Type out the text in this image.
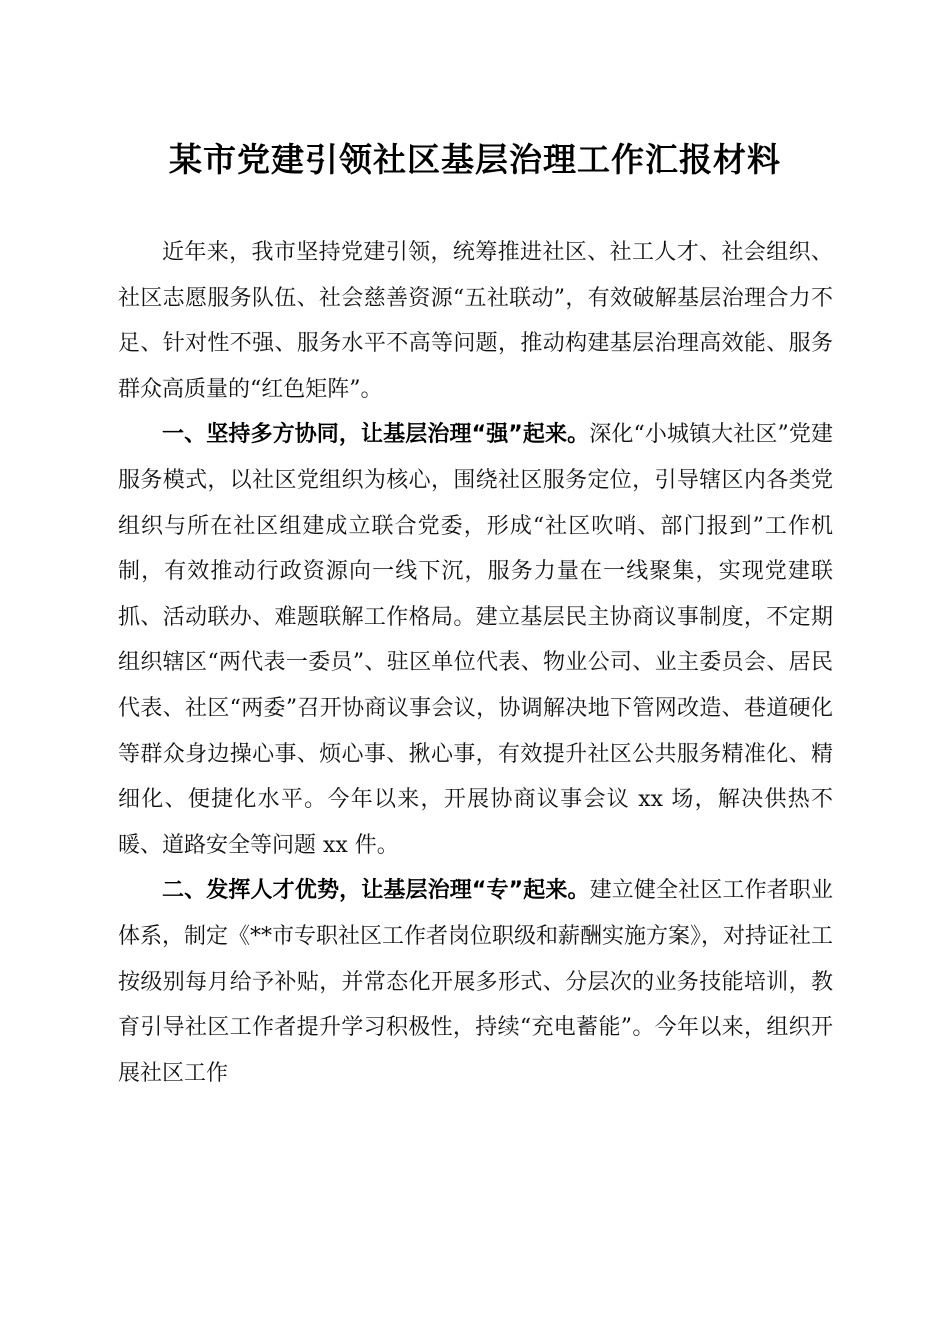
某市党建引领社区基层治理工作汇报材料

近年来，我市坚持党建引领，统筹推进社区、社工人才、社会组织、社区志愿服务队伍、社会慈善资源“五社联动”，有效破解基层治理合力不足、针对性不强、服务水平不高等问题，推动构建基层治理高效能、服务群众高质量的“红色矩阵”。

一、坚持多方协同，让基层治理“强”起来。深化“小城镇大社区”党建服务模式，以社区党组织为核心，围绕社区服务定位，引导辖区内各类党组织与所在社区组建成立联合党委，形成“社区吹哨、部门报到”工作机制，有效推动行政资源向一线下沉，服务力量在一线聚集，实现党建联抓、活动联办、难题联解工作格局。建立基层民主协商议事制度，不定期组织辖区“两代表一委员”、驻区单位代表、物业公司、业主委员会、居民代表、社区“两委”召开协商议事会议，协调解决地下管网改造、巷道硬化等群众身边操心事、烦心事、揪心事，有效提升社区公共服务精准化、精细化、便捷化水平。今年以来，开展协商议事会议 xx 场，解决供热不暖、道路安全等问题 xx 件。

二、发挥人才优势，让基层治理“专”起来。建立健全社区工作者职业体系，制定《**市专职社区工作者岗位职级和薪酬实施方案》，对持证社工按级别每月给予补贴，并常态化开展多形式、分层次的业务技能培训，教育引导社区工作者提升学习积极性，持续“充电蓄能”。今年以来，组织开展社区工作
